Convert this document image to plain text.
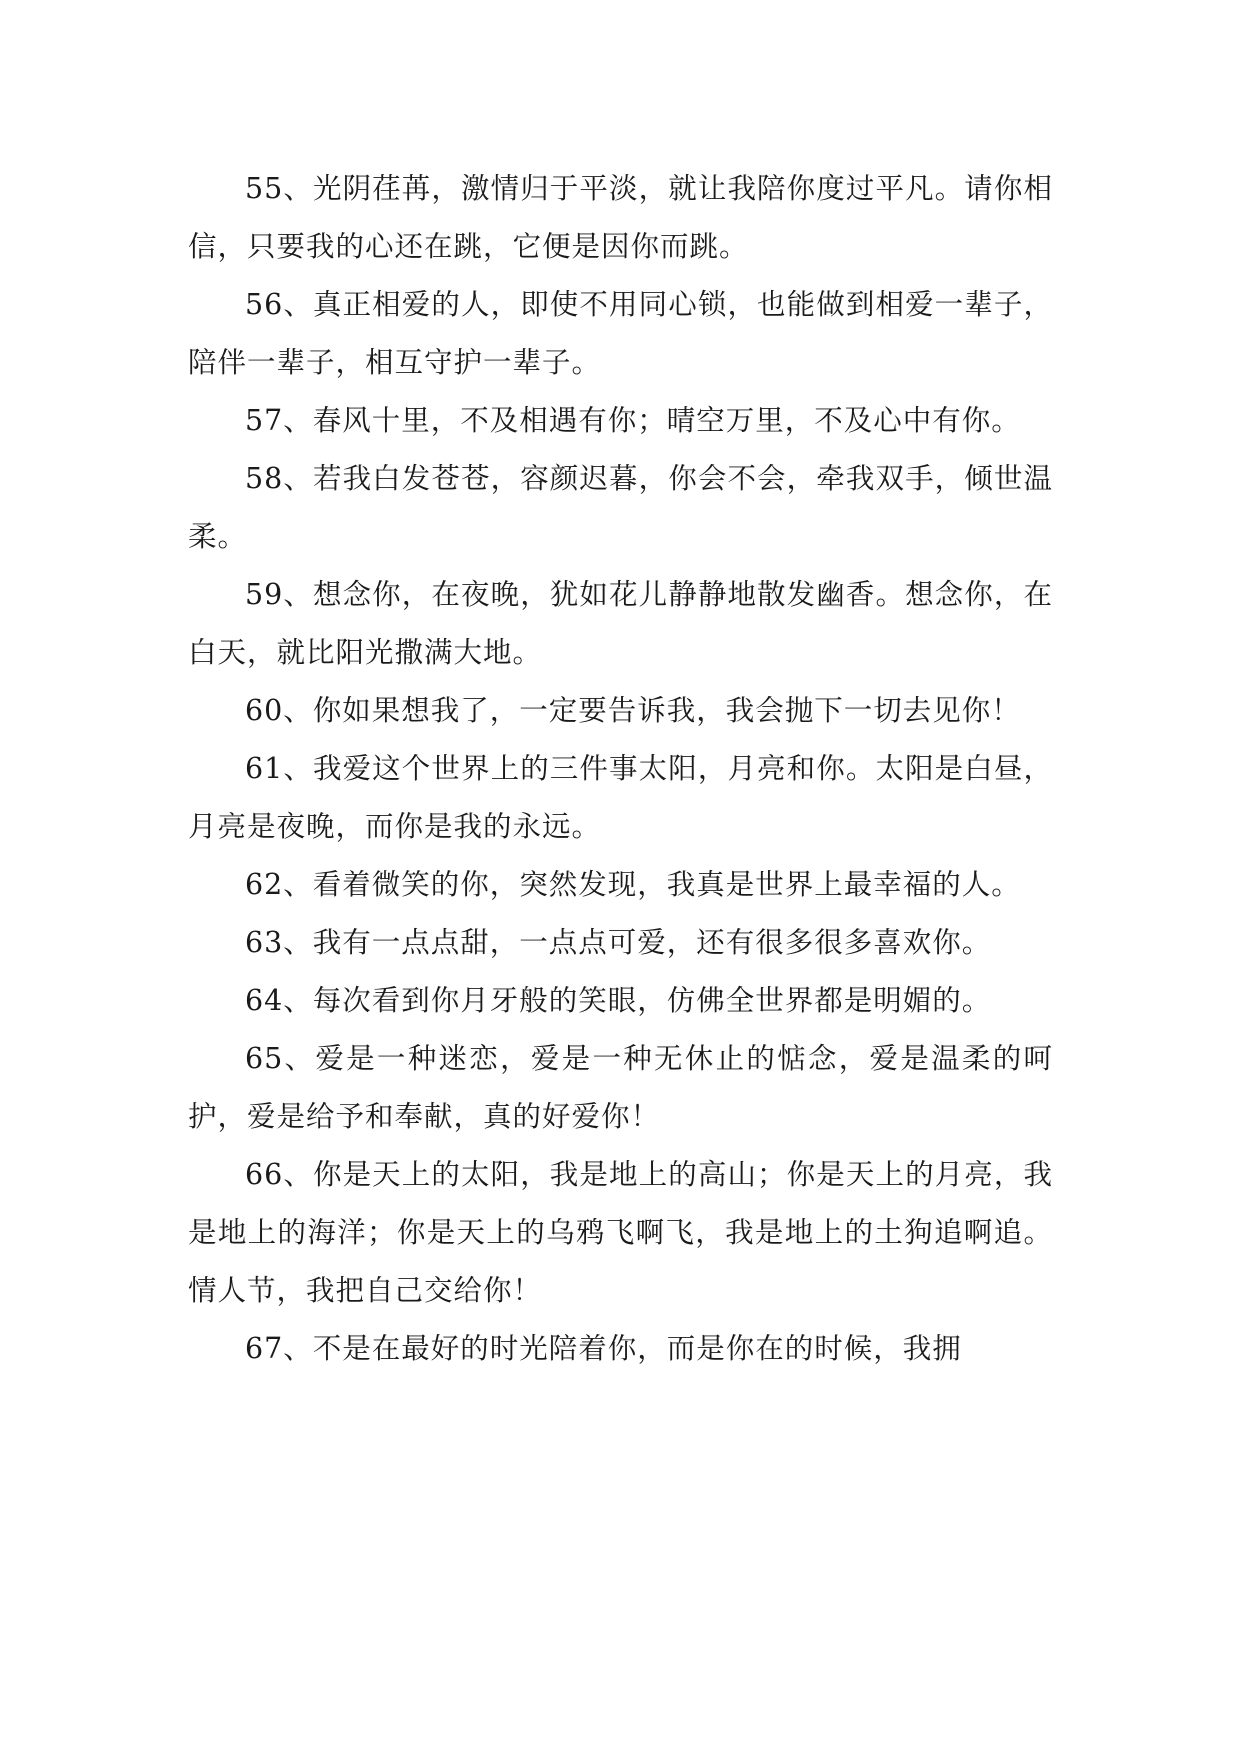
55、光阴荏苒，激情归于平淡，就让我陪你度过平凡。请你相信，只要我的心还在跳，它便是因你而跳。

56、真正相爱的人，即使不用同心锁，也能做到相爱一辈子，陪伴一辈子，相互守护一辈子。

57、春风十里，不及相遇有你；晴空万里，不及心中有你。

58、若我白发苍苍，容颜迟暮，你会不会，牵我双手，倾世温柔。

59、想念你，在夜晚，犹如花儿静静地散发幽香。想念你，在白天，就比阳光撒满大地。

60、你如果想我了，一定要告诉我，我会抛下一切去见你！

61、我爱这个世界上的三件事太阳，月亮和你。太阳是白昼，月亮是夜晚，而你是我的永远。

62、看着微笑的你，突然发现，我真是世界上最幸福的人。

63、我有一点点甜，一点点可爱，还有很多很多喜欢你。

64、每次看到你月牙般的笑眼，仿佛全世界都是明媚的。

65、爱是一种迷恋，爱是一种无休止的惦念，爱是温柔的呵护，爱是给予和奉献，真的好爱你！

66、你是天上的太阳，我是地上的高山；你是天上的月亮，我是地上的海洋；你是天上的乌鸦飞啊飞，我是地上的土狗追啊追。情人节，我把自己交给你！

67、不是在最好的时光陪着你，而是你在的时候，我拥
